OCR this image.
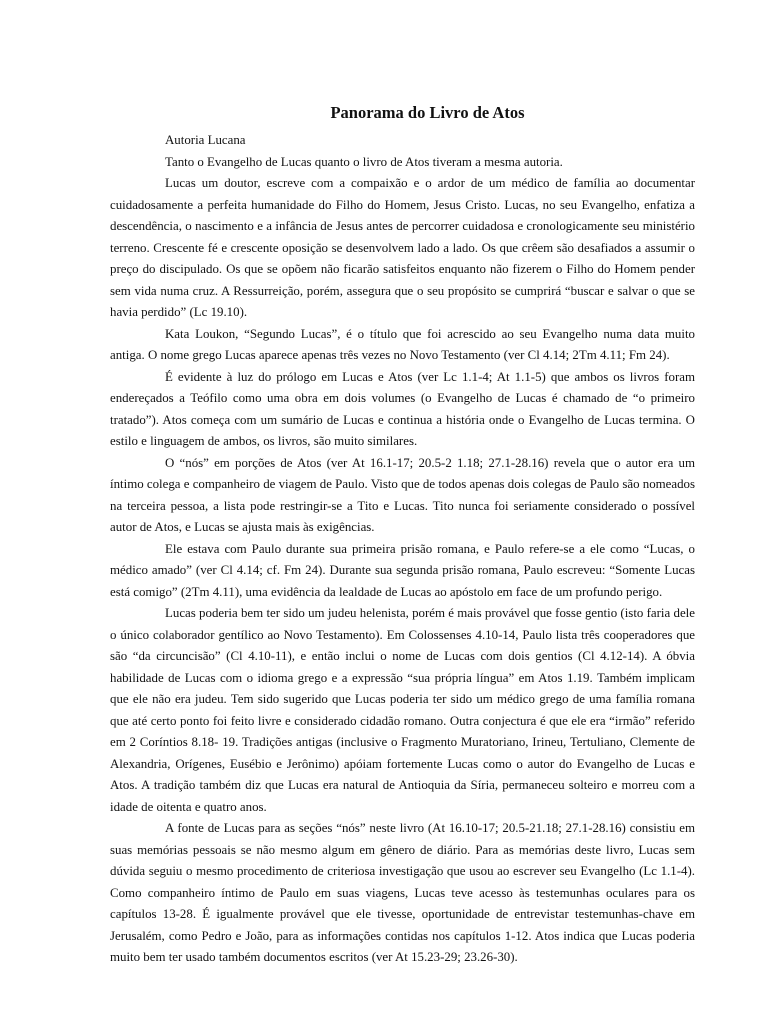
Panorama do Livro de Atos

Autoria Lucana

Tanto o Evangelho de Lucas quanto o livro de Atos tiveram a mesma autoria.

Lucas um doutor, escreve com a compaixão e o ardor de um médico de família ao documentar cuidadosamente a perfeita humanidade do Filho do Homem, Jesus Cristo. Lucas, no seu Evangelho, enfatiza a descendência, o nascimento e a infância de Jesus antes de percorrer cuidadosa e cronologicamente seu ministério terreno. Crescente fé e crescente oposição se desenvolvem lado a lado. Os que crêem são desafiados a assumir o preço do discipulado. Os que se opõem não ficarão satisfeitos enquanto não fizerem o Filho do Homem pender sem vida numa cruz. A Ressurreição, porém, assegura que o seu propósito se cumprirá “buscar e salvar o que se havia perdido” (Lc 19.10).

Kata Loukon, “Segundo Lucas”, é o título que foi acrescido ao seu Evangelho numa data muito antiga. O nome grego Lucas aparece apenas três vezes no Novo Testamento (ver Cl 4.14; 2Tm 4.11; Fm 24).

É evidente à luz do prólogo em Lucas e Atos (ver Lc 1.1-4; At 1.1-5) que ambos os livros foram endereçados a Teófilo como uma obra em dois volumes (o Evangelho de Lucas é chamado de “o primeiro tratado”). Atos começa com um sumário de Lucas e continua a história onde o Evangelho de Lucas termina. O estilo e linguagem de ambos, os livros, são muito similares.

O “nós” em porções de Atos (ver At 16.1-17; 20.5-2 1.18; 27.1-28.16) revela que o autor era um íntimo colega e companheiro de viagem de Paulo. Visto que de todos apenas dois colegas de Paulo são nomeados na terceira pessoa, a lista pode restringir-se a Tito e Lucas. Tito nunca foi seriamente considerado o possível autor de Atos, e Lucas se ajusta mais às exigências.

Ele estava com Paulo durante sua primeira prisão romana, e Paulo refere-se a ele como “Lucas, o médico amado” (ver Cl 4.14; cf. Fm 24). Durante sua segunda prisão romana, Paulo escreveu: “Somente Lucas está comigo” (2Tm 4.11), uma evidência da lealdade de Lucas ao apóstolo em face de um profundo perigo.

Lucas poderia bem ter sido um judeu helenista, porém é mais provável que fosse gentio (isto faria dele o único colaborador gentílico ao Novo Testamento). Em Colossenses 4.10-14, Paulo lista três cooperadores que são “da circuncisão” (Cl 4.10-11), e então inclui o nome de Lucas com dois gentios (Cl 4.12-14). A óbvia habilidade de Lucas com o idioma grego e a expressão “sua própria língua” em Atos 1.19. Também implicam que ele não era judeu. Tem sido sugerido que Lucas poderia ter sido um médico grego de uma família romana que até certo ponto foi feito livre e considerado cidadão romano. Outra conjectura é que ele era “irmão” referido em 2 Coríntios 8.18- 19. Tradições antigas (inclusive o Fragmento Muratoriano, Irineu, Tertuliano, Clemente de Alexandria, Orígenes, Eusébio e Jerônimo) apóiam fortemente Lucas como o autor do Evangelho de Lucas e Atos. A tradição também diz que Lucas era natural de Antioquia da Síria, permaneceu solteiro e morreu com a idade de oitenta e quatro anos.

A fonte de Lucas para as seções “nós” neste livro (At 16.10-17; 20.5-21.18; 27.1-28.16) consistiu em suas memórias pessoais se não mesmo algum em gênero de diário. Para as memórias deste livro, Lucas sem dúvida seguiu o mesmo procedimento de criteriosa investigação que usou ao escrever seu Evangelho (Lc 1.1-4). Como companheiro íntimo de Paulo em suas viagens, Lucas teve acesso às testemunhas oculares para os capítulos 13-28. É igualmente provável que ele tivesse, oportunidade de entrevistar testemunhas-chave em Jerusalém, como Pedro e João, para as informações contidas nos capítulos 1-12. Atos indica que Lucas poderia muito bem ter usado também documentos escritos (ver At 15.23-29; 23.26-30).
